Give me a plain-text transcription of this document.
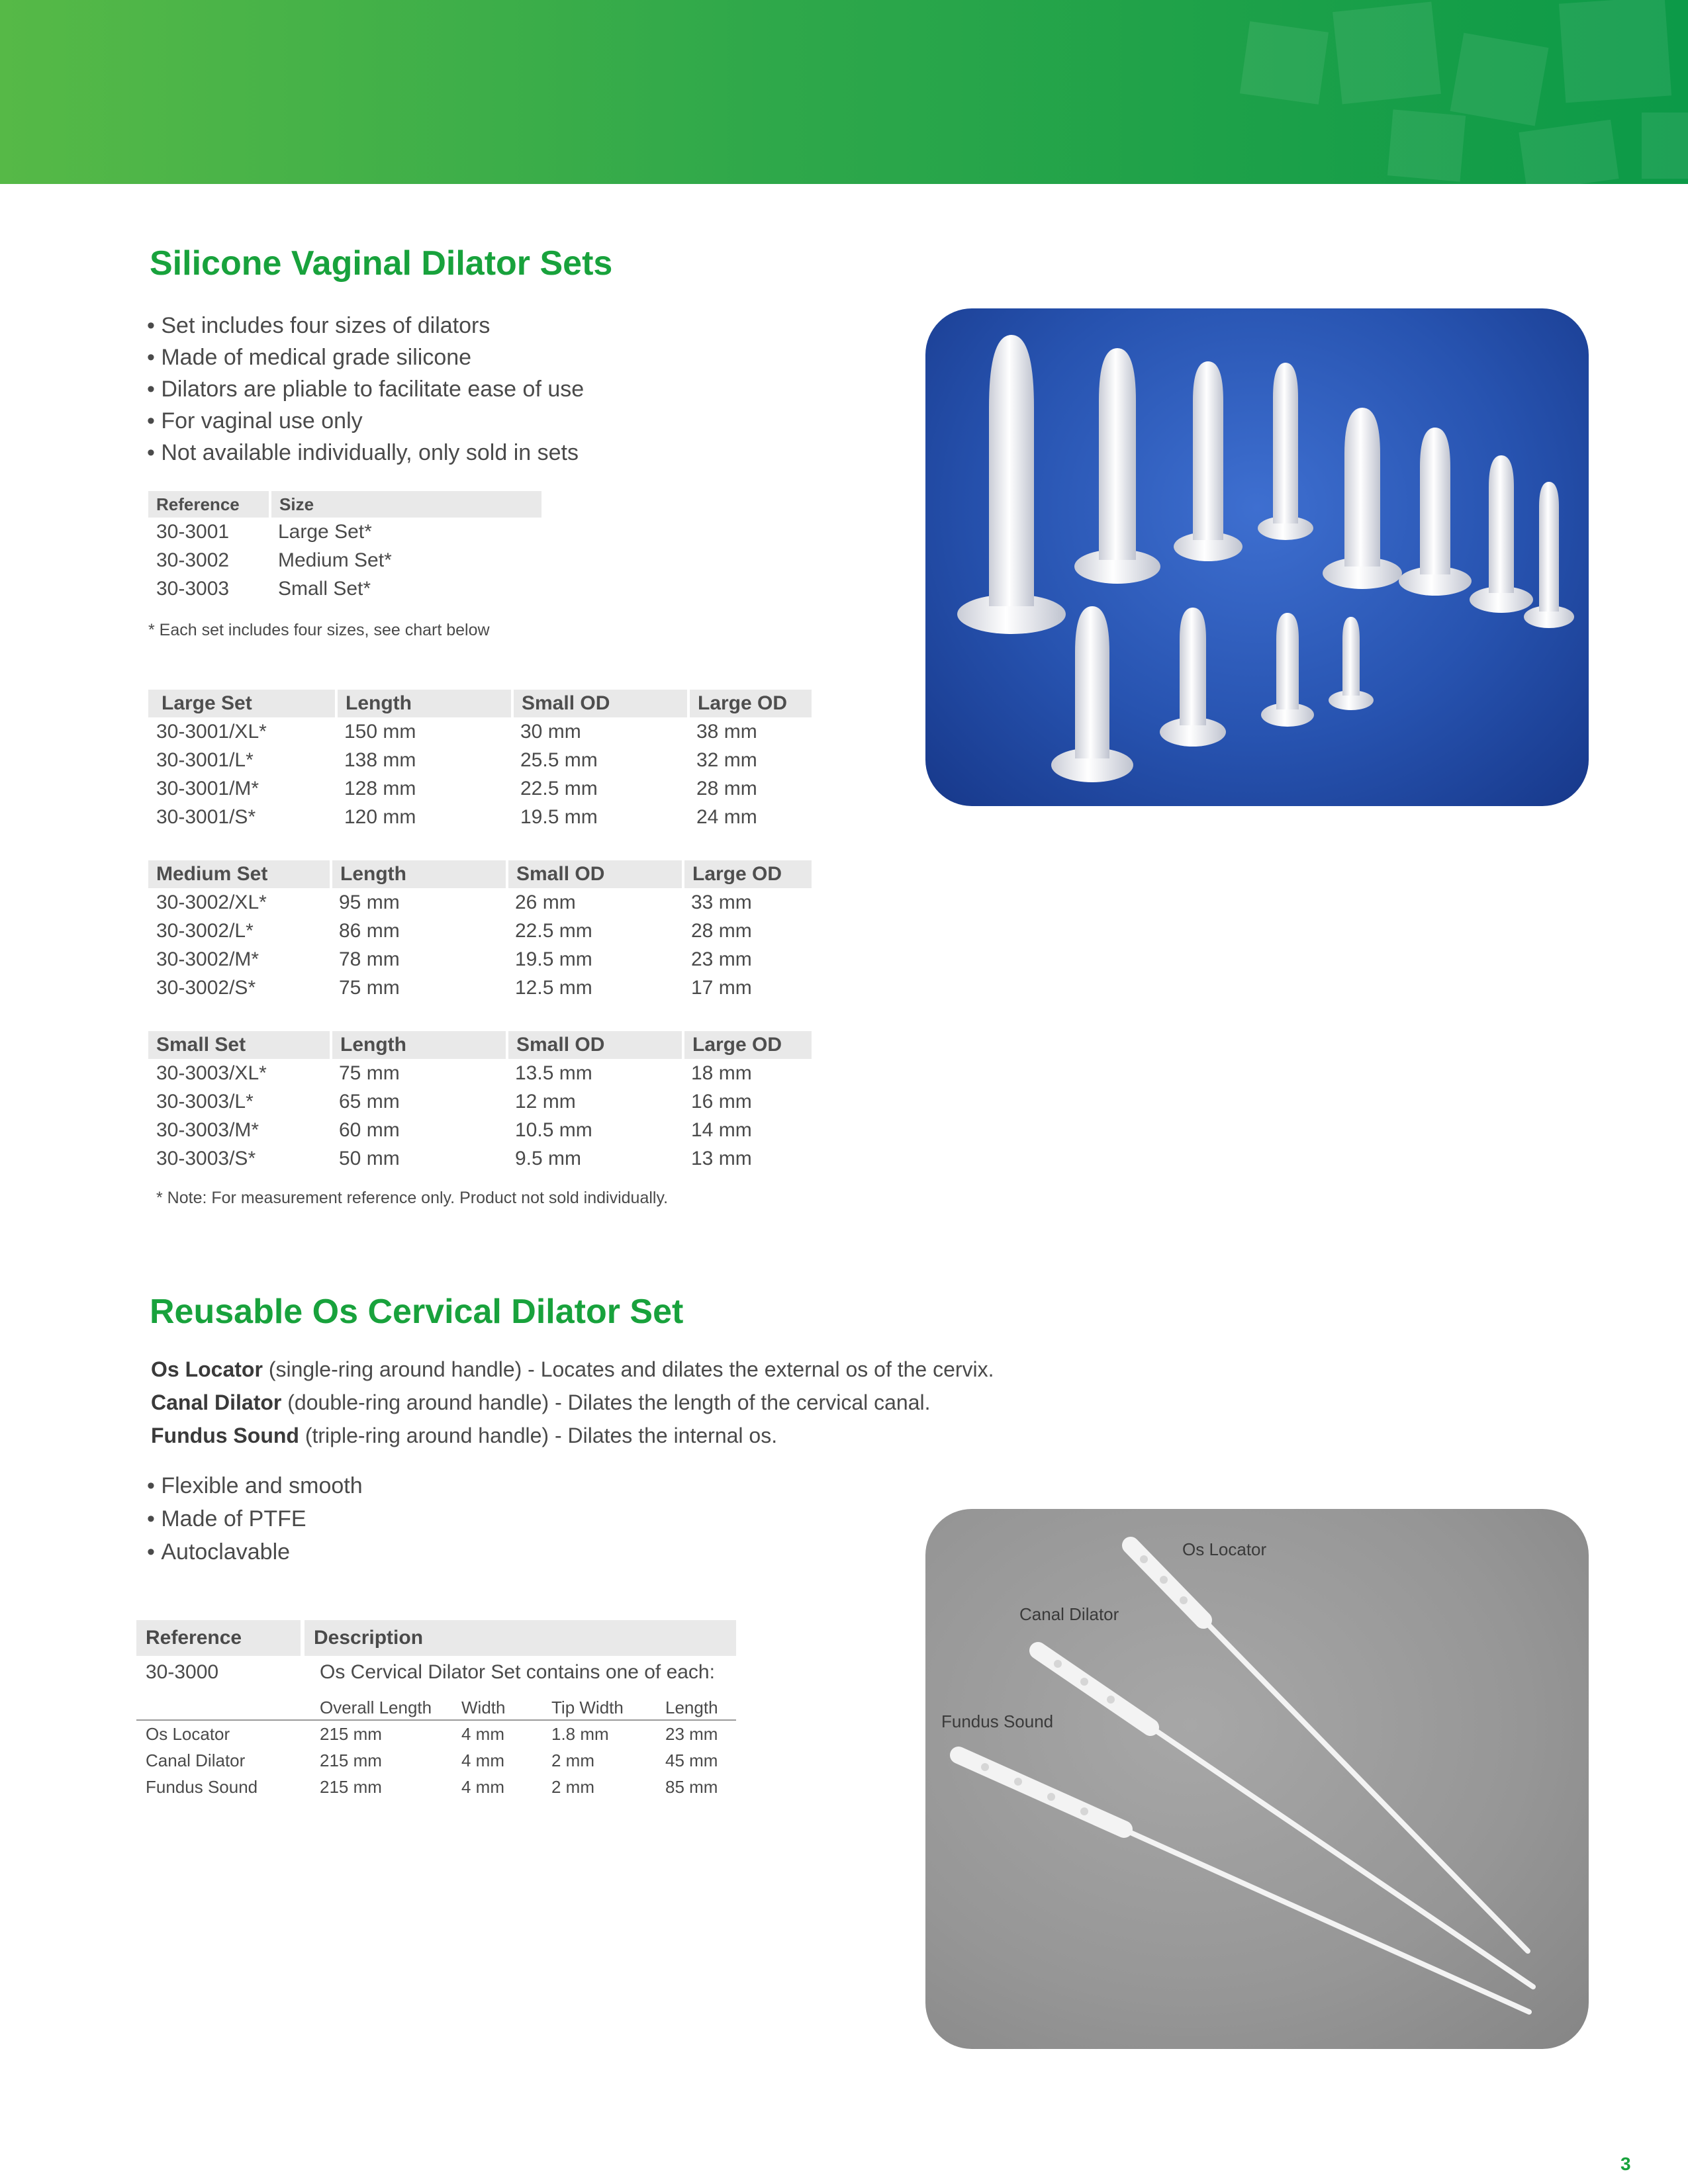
Silicone Vaginal Dilator Sets
• Set includes four sizes of dilators
• Made of medical grade silicone
• Dilators are pliable to facilitate ease of use
• For vaginal use only
• Not available individually, only sold in sets
Reference	Size
30-3001	Large Set*
30-3002	Medium Set*
30-3003	Small Set*
* Each set includes four sizes, see chart below
Large Set	Length	Small OD	Large OD
30-3001/XL*	150 mm	30 mm	38 mm
30-3001/L*	138 mm	25.5 mm	32 mm
30-3001/M*	128 mm	22.5 mm	28 mm
30-3001/S*	120 mm	19.5 mm	24 mm
Medium Set	Length	Small OD	Large OD
30-3002/XL*	95 mm	26 mm	33 mm
30-3002/L*	86 mm	22.5 mm	28 mm
30-3002/M*	78 mm	19.5 mm	23 mm
30-3002/S*	75 mm	12.5 mm	17 mm
Small Set	Length	Small OD	Large OD
30-3003/XL*	75 mm	13.5 mm	18 mm
30-3003/L*	65 mm	12 mm	16 mm
30-3003/M*	60 mm	10.5 mm	14 mm
30-3003/S*	50 mm	9.5 mm	13 mm
* Note: For measurement reference only. Product not sold individually.
Reusable Os Cervical Dilator Set
Os Locator (single-ring around handle) - Locates and dilates the external os of the cervix.
Canal Dilator (double-ring around handle) - Dilates the length of the cervical canal.
Fundus Sound (triple-ring around handle) - Dilates the internal os.
• Flexible and smooth
• Made of PTFE
• Autoclavable
Reference	Description			
30-3000	Os Cervical Dilator Set contains one of each:			
	Overall Length	Width	Tip Width	Length
Os Locator	215 mm	4 mm	1.8 mm	23 mm
Canal Dilator	215 mm	4 mm	2 mm	45 mm
Fundus Sound	215 mm	4 mm	2 mm	85 mm
Os Locator
Canal Dilator
Fundus Sound
3
